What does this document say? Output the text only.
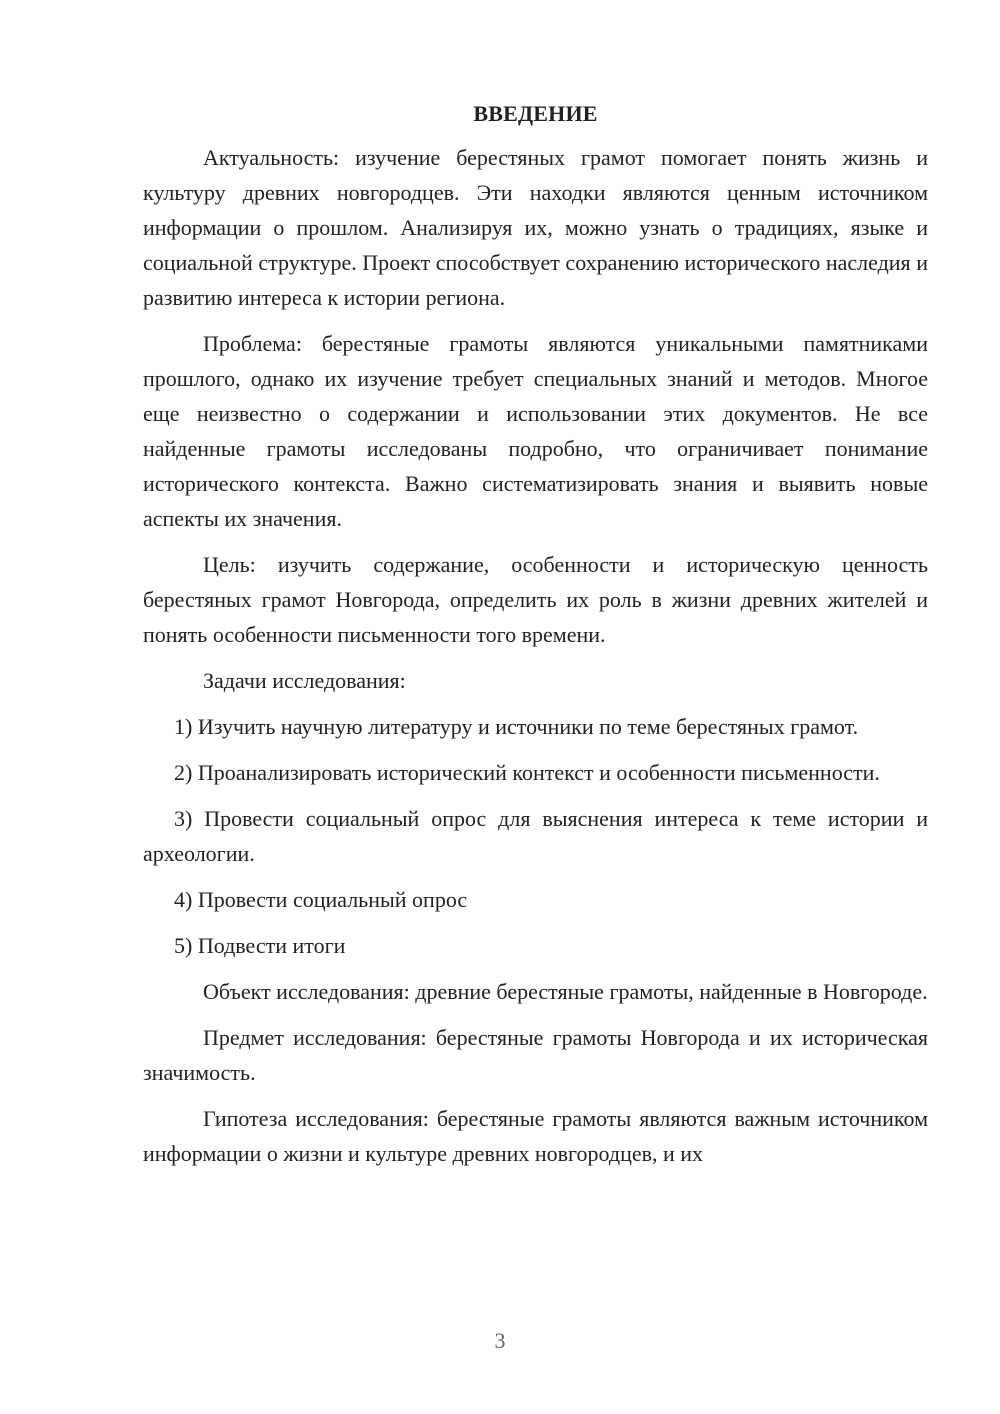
ВВЕДЕНИЕ

Актуальность: изучение берестяных грамот помогает понять жизнь и культуру древних новгородцев. Эти находки являются ценным источником информации о прошлом. Анализируя их, можно узнать о традициях, языке и социальной структуре. Проект способствует сохранению исторического наследия и развитию интереса к истории региона.

Проблема: берестяные грамоты являются уникальными памятниками прошлого, однако их изучение требует специальных знаний и методов. Многое еще неизвестно о содержании и использовании этих документов. Не все найденные грамоты исследованы подробно, что ограничивает понимание исторического контекста. Важно систематизировать знания и выявить новые аспекты их значения.

Цель: изучить содержание, особенности и историческую ценность берестяных грамот Новгорода, определить их роль в жизни древних жителей и понять особенности письменности того времени.

Задачи исследования:

1) Изучить научную литературу и источники по теме берестяных грамот.

2) Проанализировать исторический контекст и особенности письменности.

3) Провести социальный опрос для выяснения интереса к теме истории и археологии.

4) Провести социальный опрос

5) Подвести итоги

Объект исследования: древние берестяные грамоты, найденные в Новгороде.

Предмет исследования: берестяные грамоты Новгорода и их историческая значимость.

Гипотеза исследования: берестяные грамоты являются важным источником информации о жизни и культуре древних новгородцев, и их

3
